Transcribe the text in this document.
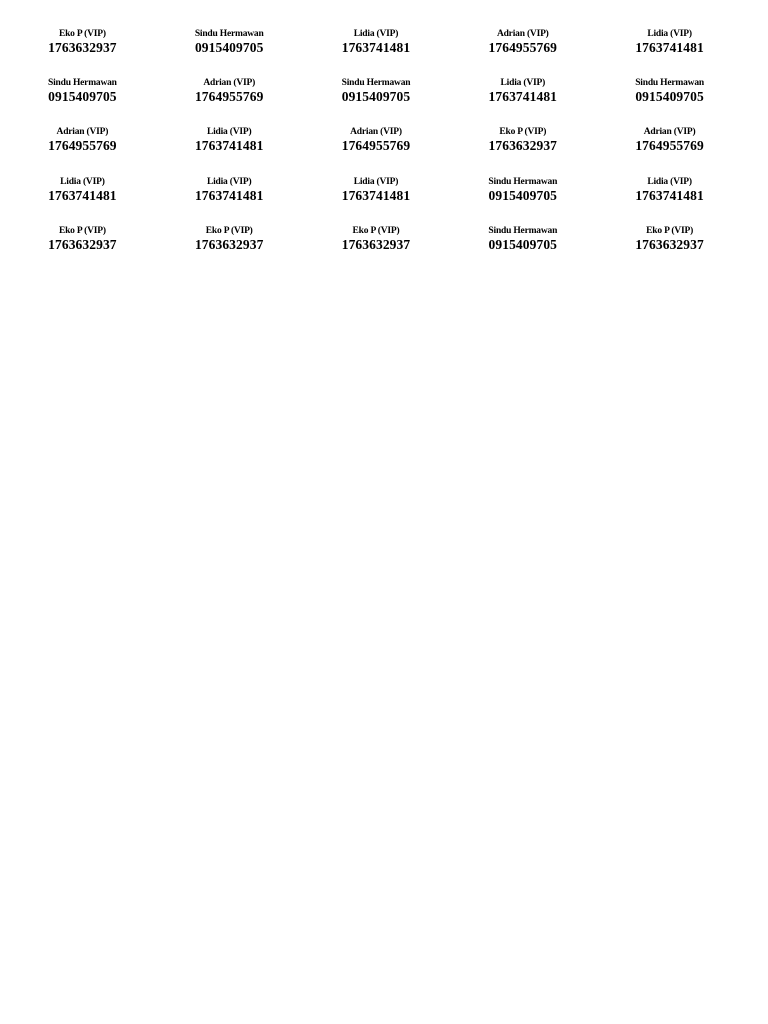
Eko P (VIP)
1763632937
Sindu Hermawan
0915409705
Lidia (VIP)
1763741481
Adrian (VIP)
1764955769
Lidia (VIP)
1763741481
Sindu Hermawan
0915409705
Adrian (VIP)
1764955769
Sindu Hermawan
0915409705
Lidia (VIP)
1763741481
Sindu Hermawan
0915409705
Adrian (VIP)
1764955769
Lidia (VIP)
1763741481
Adrian (VIP)
1764955769
Eko P (VIP)
1763632937
Adrian (VIP)
1764955769
Lidia (VIP)
1763741481
Lidia (VIP)
1763741481
Lidia (VIP)
1763741481
Sindu Hermawan
0915409705
Lidia (VIP)
1763741481
Eko P (VIP)
1763632937
Eko P (VIP)
1763632937
Eko P (VIP)
1763632937
Sindu Hermawan
0915409705
Eko P (VIP)
1763632937
